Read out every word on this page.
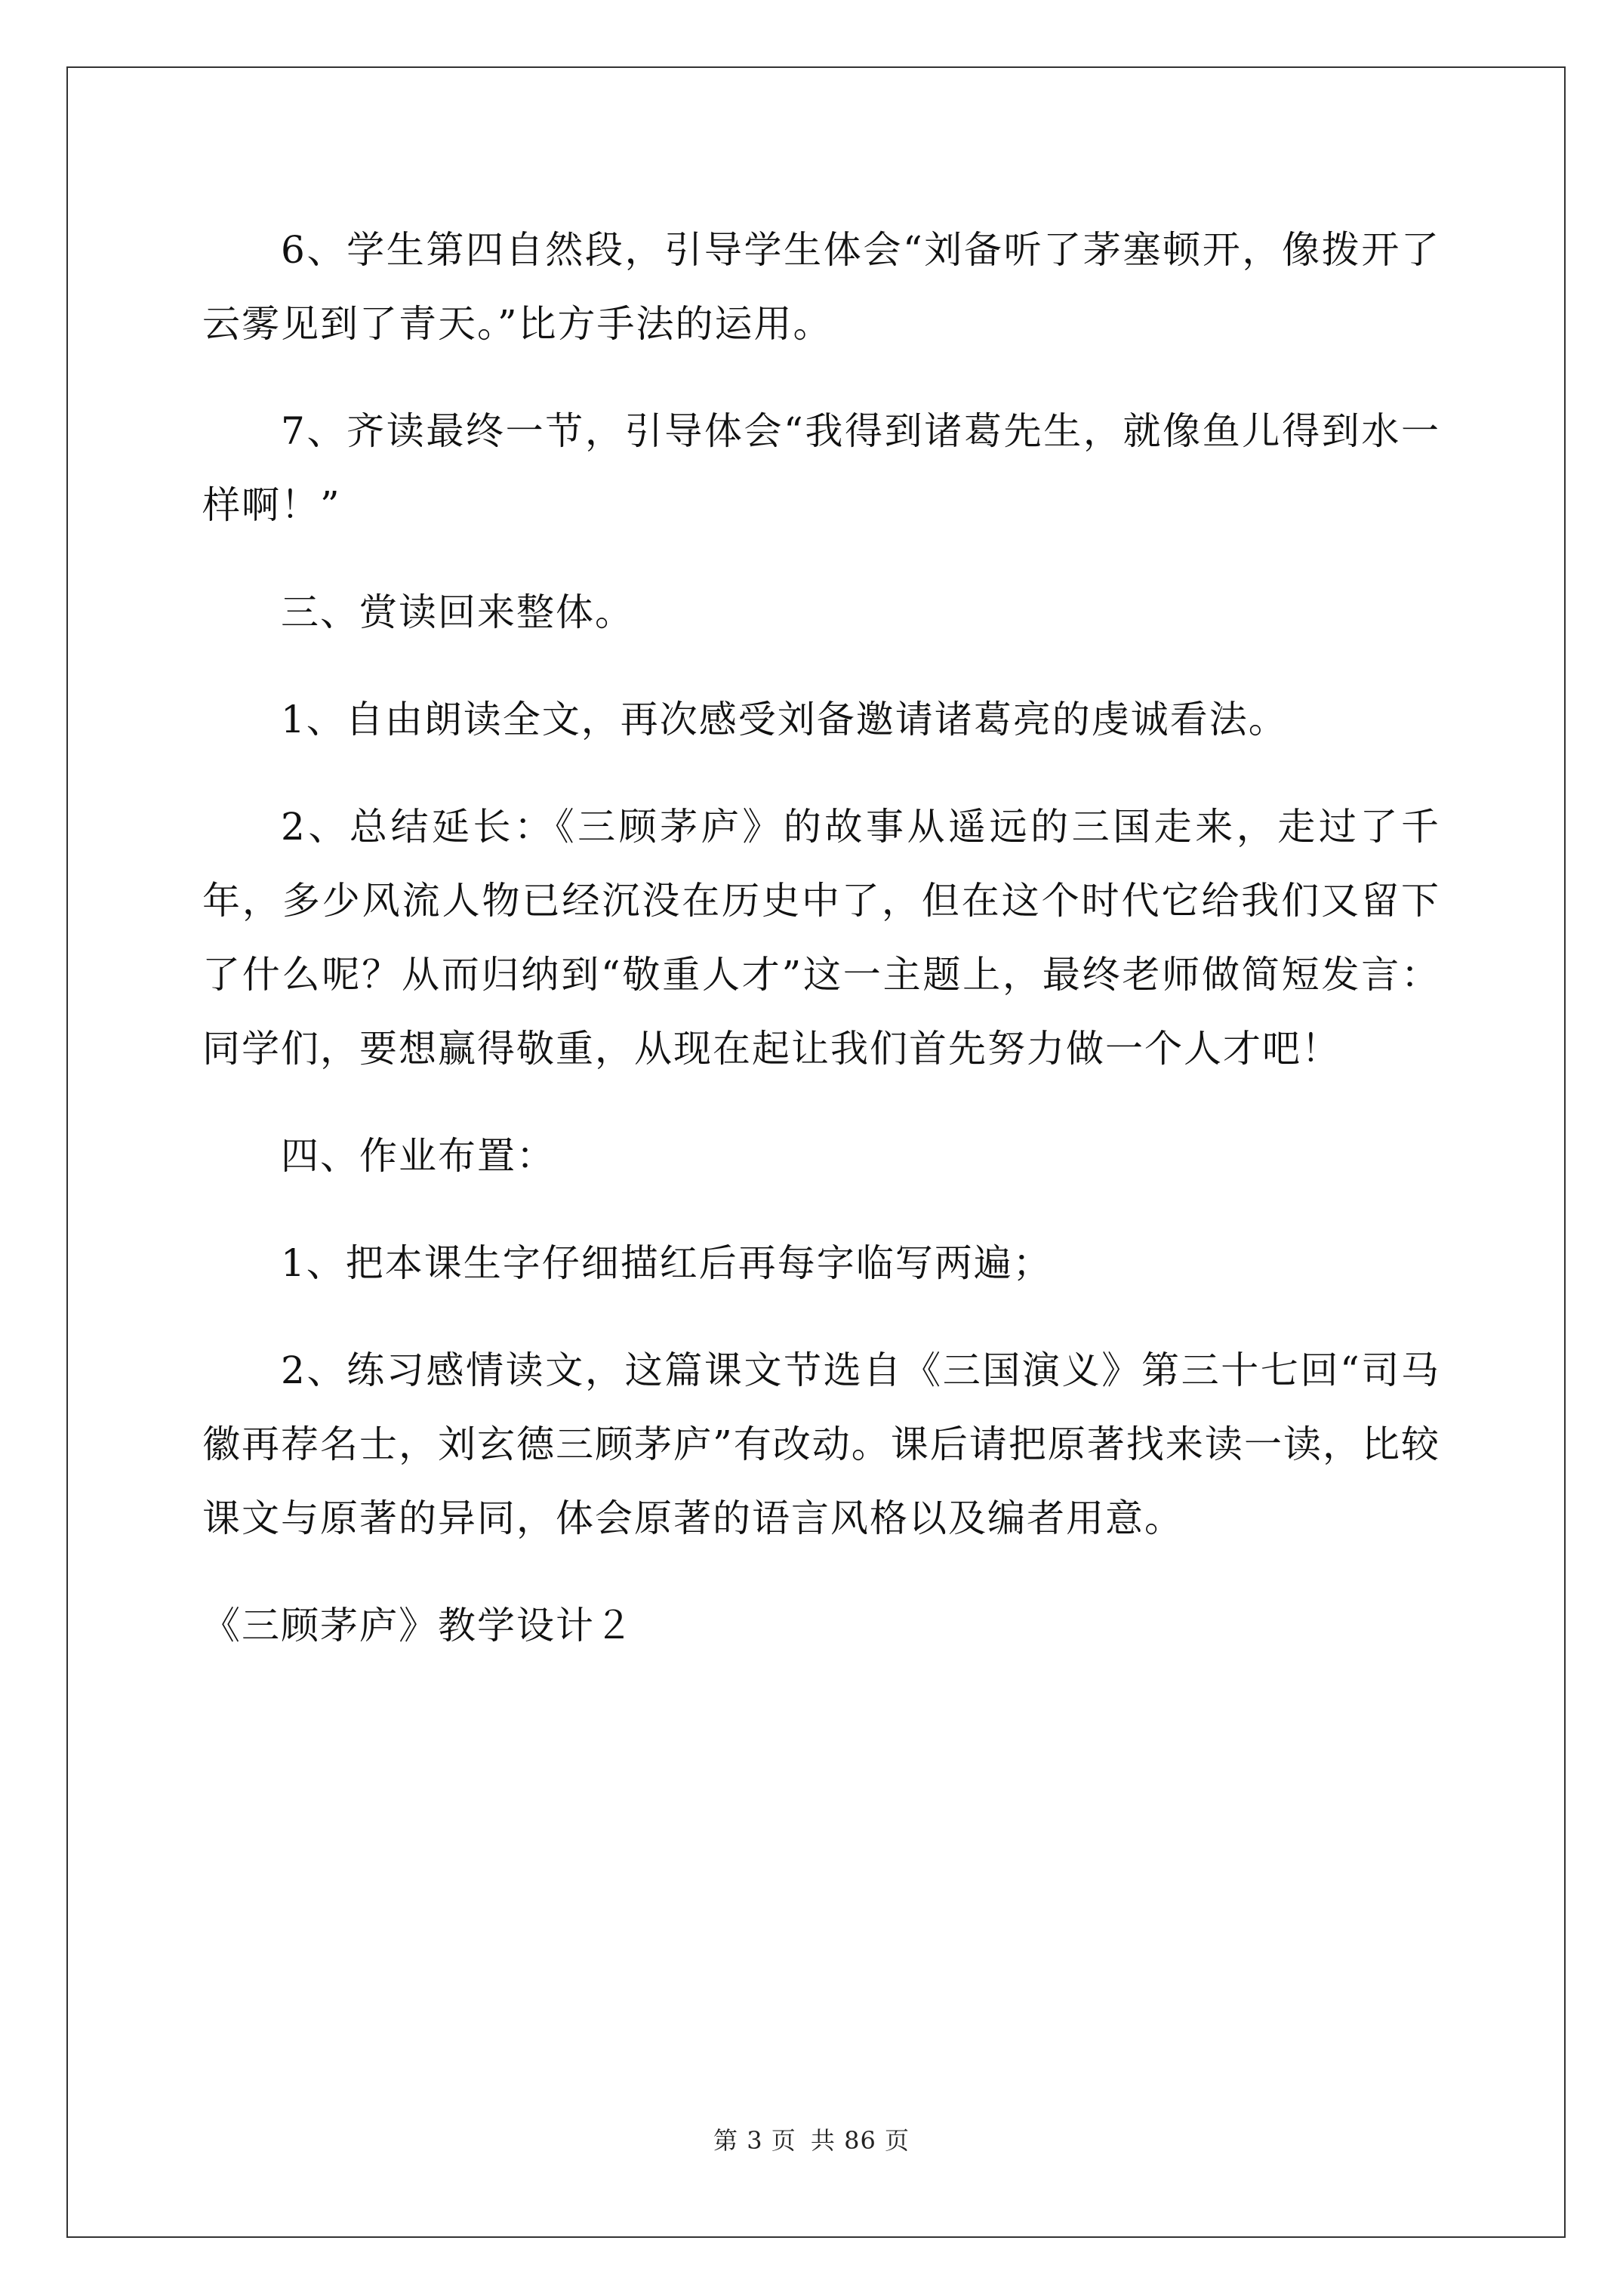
6、学生第四自然段，引导学生体会“刘备听了茅塞顿开，像拨开了云雾见到了青天。”比方手法的运用。

7、齐读最终一节，引导体会“我得到诸葛先生，就像鱼儿得到水一样啊！”

三、赏读回来整体。

1、自由朗读全文，再次感受刘备邀请诸葛亮的虔诚看法。

2、总结延长：《三顾茅庐》的故事从遥远的三国走来，走过了千年，多少风流人物已经沉没在历史中了，但在这个时代它给我们又留下了什么呢？从而归纳到“敬重人才”这一主题上，最终老师做简短发言：同学们，要想赢得敬重，从现在起让我们首先努力做一个人才吧！

四、作业布置：

1、把本课生字仔细描红后再每字临写两遍；

2、练习感情读文，这篇课文节选自《三国演义》第三十七回“司马徽再荐名士，刘玄德三顾茅庐”有改动。课后请把原著找来读一读，比较课文与原著的异同，体会原著的语言风格以及编者用意。

《三顾茅庐》教学设计２

第 3 页 共 86 页
